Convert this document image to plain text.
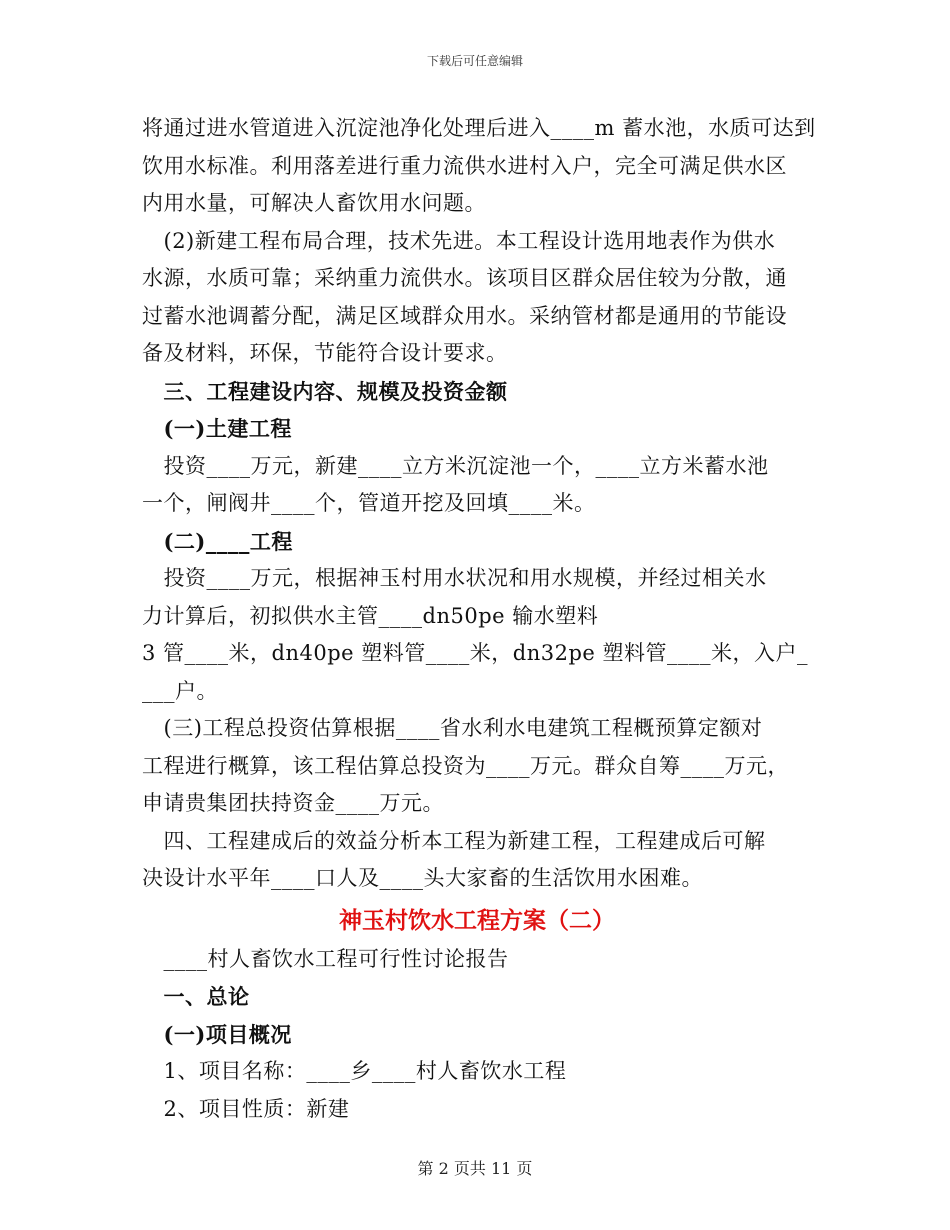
下载后可任意编辑

将通过进水管道进入沉淀池净化处理后进入____m 蓄水池，水质可达到

饮用水标准。利用落差进行重力流供水进村入户，完全可满足供水区

内用水量，可解决人畜饮用水问题。

　(2)新建工程布局合理，技术先进。本工程设计选用地表作为供水

水源，水质可靠；采纳重力流供水。该项目区群众居住较为分散，通

过蓄水池调蓄分配，满足区域群众用水。采纳管材都是通用的节能设

备及材料，环保，节能符合设计要求。

　三、工程建设内容、规模及投资金额

　(一)土建工程

　投资____万元，新建____立方米沉淀池一个，____立方米蓄水池

一个，闸阀井____个，管道开挖及回填____米。

　(二)____工程

　投资____万元，根据神玉村用水状况和用水规模，并经过相关水

力计算后，初拟供水主管____dn50pe 输水塑料

3 管____米，dn40pe 塑料管____米，dn32pe 塑料管____米，入户_

___户。

　(三)工程总投资估算根据____省水利水电建筑工程概预算定额对

工程进行概算，该工程估算总投资为____万元。群众自筹____万元，

申请贵集团扶持资金____万元。

　四、工程建成后的效益分析本工程为新建工程，工程建成后可解

决设计水平年____口人及____头大家畜的生活饮用水困难。

神玉村饮水工程方案（二）

　____村人畜饮水工程可行性讨论报告

　一、总论

　(一)项目概况

　1、项目名称：____乡____村人畜饮水工程

　2、项目性质：新建

第 2 页共 11 页
